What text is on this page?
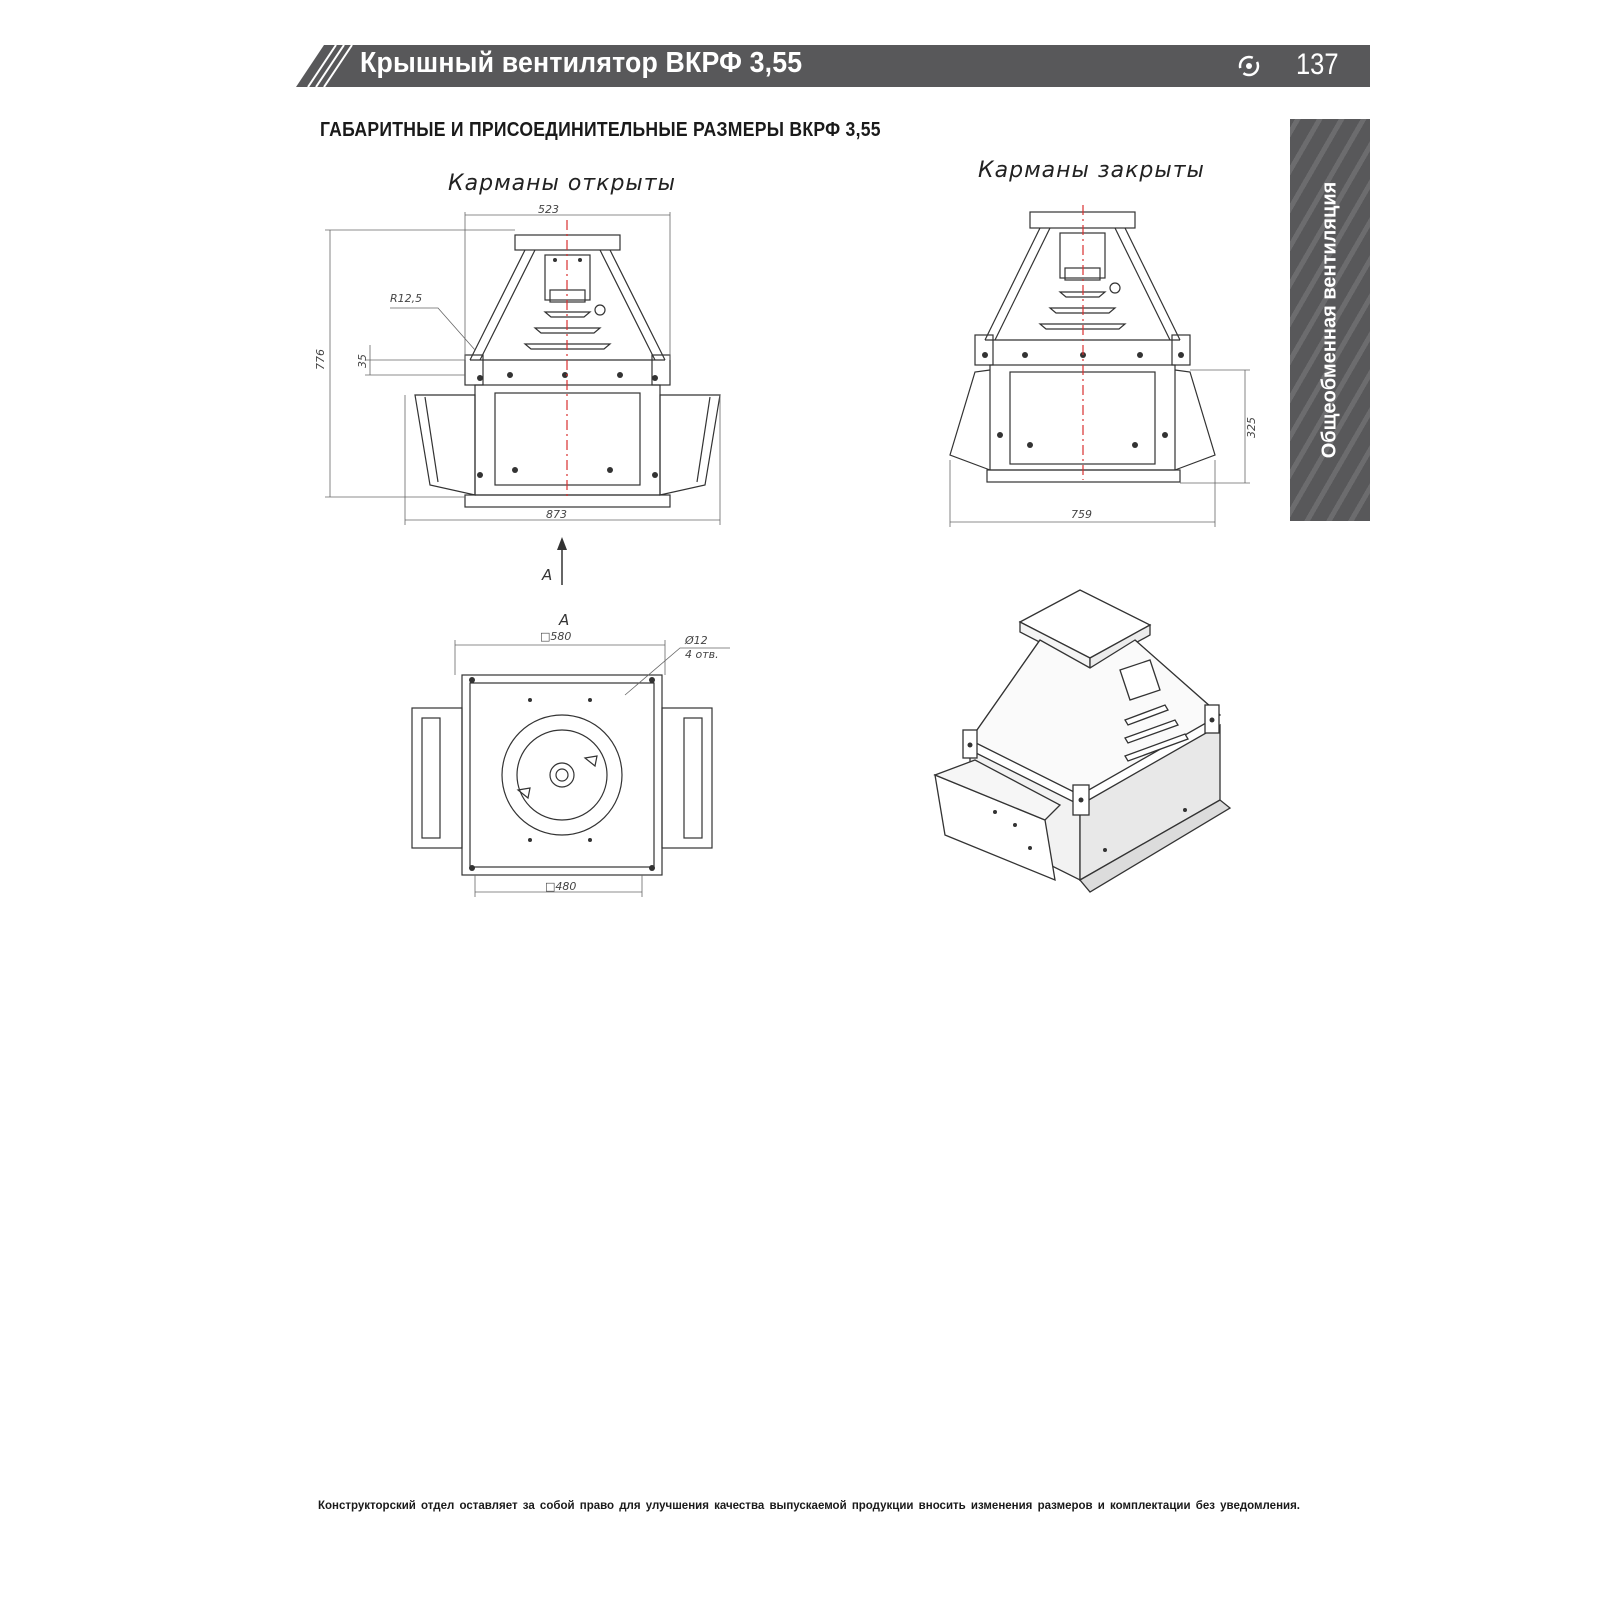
Крышный вентилятор ВКРФ 3,55	137
ГАБАРИТНЫЕ И ПРИСОЕДИНИТЕЛЬНЫЕ РАЗМЕРЫ ВКРФ 3,55
Общеобменная вентиляция
Карманы открыты
Карманы закрыты
523
776
R12,5
35
873
А
325
759
А
□580	Ø12
4 отв.
□480
Конструкторский отдел оставляет за собой право для улучшения качества выпускаемой продукции вносить изменения размеров и комплектации без уведомления.
